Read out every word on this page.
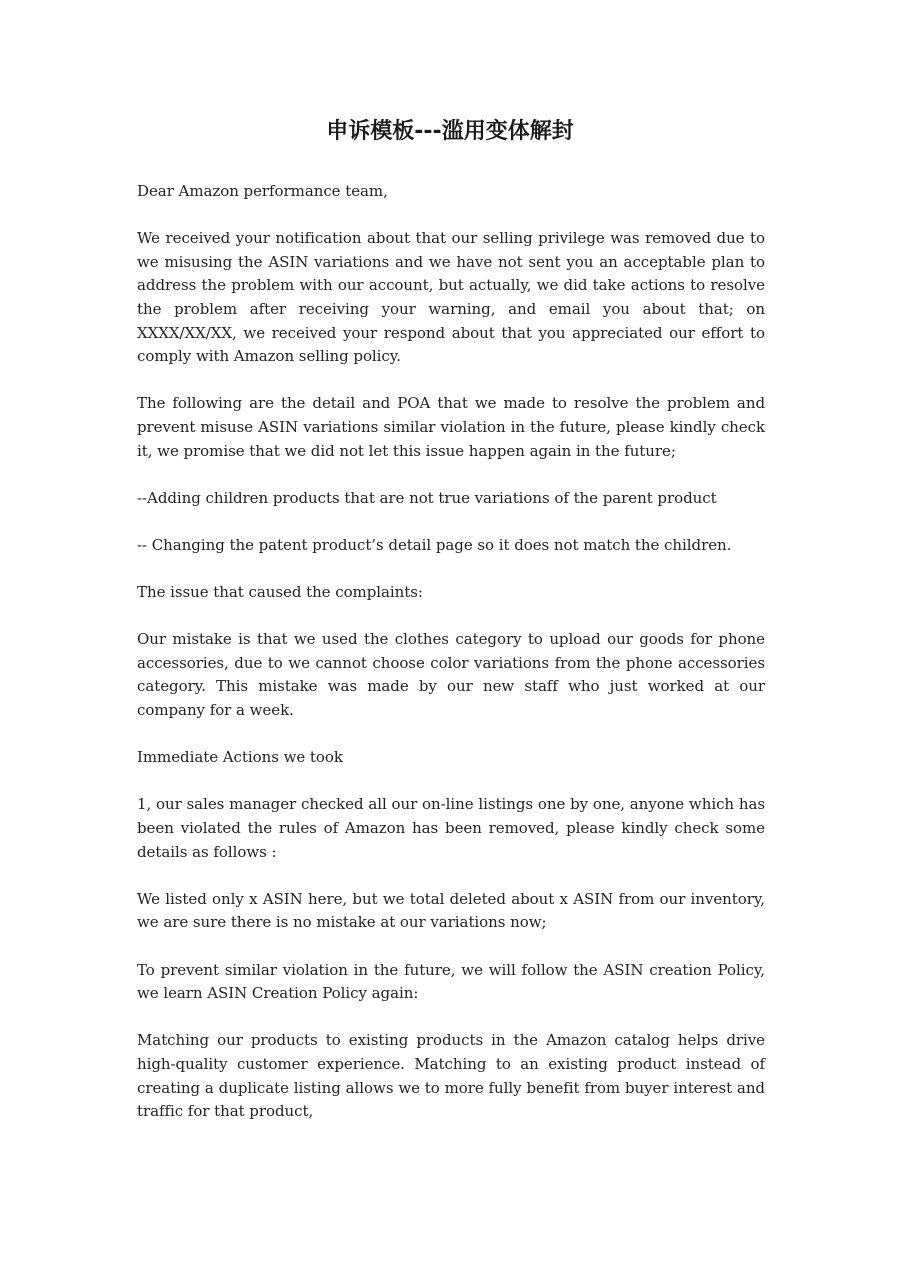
申诉模板---滥用变体解封

Dear Amazon performance team,

We received your notification about that our selling privilege was removed due to we misusing the ASIN variations and we have not sent you an acceptable plan to address the problem with our account, but actually, we did take actions to resolve the problem after receiving your warning, and email you about that; on XXXX/XX/XX, we received your respond about that you appreciated our effort to comply with Amazon selling policy.

The following are the detail and POA that we made to resolve the problem and prevent misuse ASIN variations similar violation in the future, please kindly check it, we promise that we did not let this issue happen again in the future;

--Adding children products that are not true variations of the parent product

-- Changing the patent product’s detail page so it does not match the children.

The issue that caused the complaints:

Our mistake is that we used the clothes category to upload our goods for phone accessories, due to we cannot choose color variations from the phone accessories category. This mistake was made by our new staff who just worked at our company for a week.

Immediate Actions we took

1, our sales manager checked all our on-line listings one by one, anyone which has been violated the rules of Amazon has been removed, please kindly check some details as follows :

We listed only x ASIN here, but we total deleted about x ASIN from our inventory, we are sure there is no mistake at our variations now;

To prevent similar violation in the future, we will follow the ASIN creation Policy, we learn ASIN Creation Policy again:

Matching our products to existing products in the Amazon catalog helps drive high-quality customer experience. Matching to an existing product instead of creating a duplicate listing allows we to more fully benefit from buyer interest and traffic for that product,
